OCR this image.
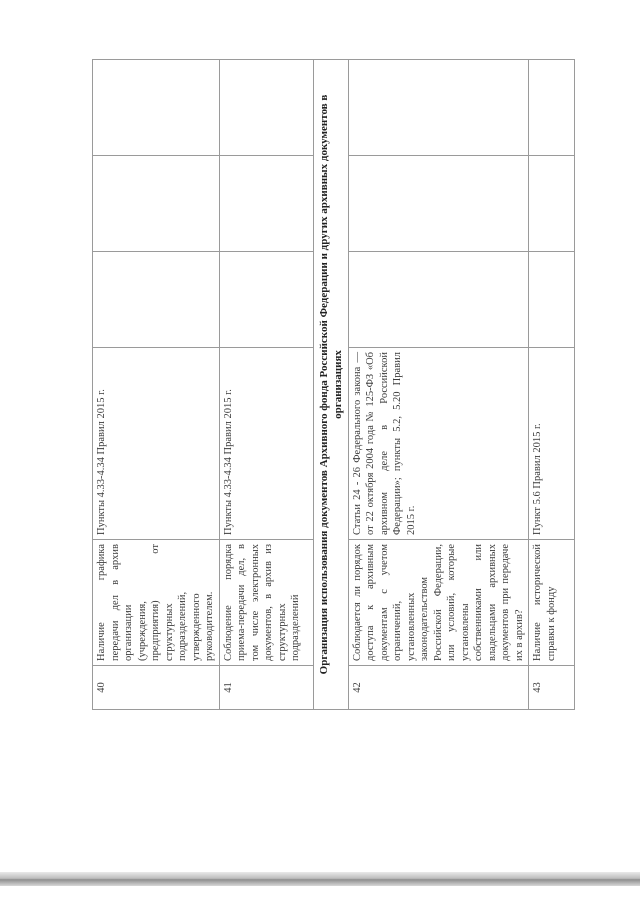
40	Наличие графика передачи дел в архив организации (учреждения, предприятия) от структурных подразделений, утвержденного руководителем.	Пункты 4.33-4.34 Правил 2015 г.			
41	Соблюдение порядка приема-передачи дел, в том числе электронных документов, в архив из структурных подразделений	Пункты 4.33-4.34 Правил 2015 г.			
Организация использования документов Архивного фонда Российской Федерации и других архивных документов в организациях					
42	Соблюдается ли порядок доступа к архивным документам с учетом ограничений, установленных законодательством Российской Федерации, или условий, которые установлены собственниками или владельцами архивных документов при передаче их в архив?	Статьи 24 - 26 Федерального закона — от 22 октября 2004 года № 125-ФЗ «Об архивном деле в Российской Федерации»; пункты 5.2, 5.20 Правил 2015 г.			
43	Наличие исторической справки к фонду	Пункт 5.6 Правил 2015 г.			
